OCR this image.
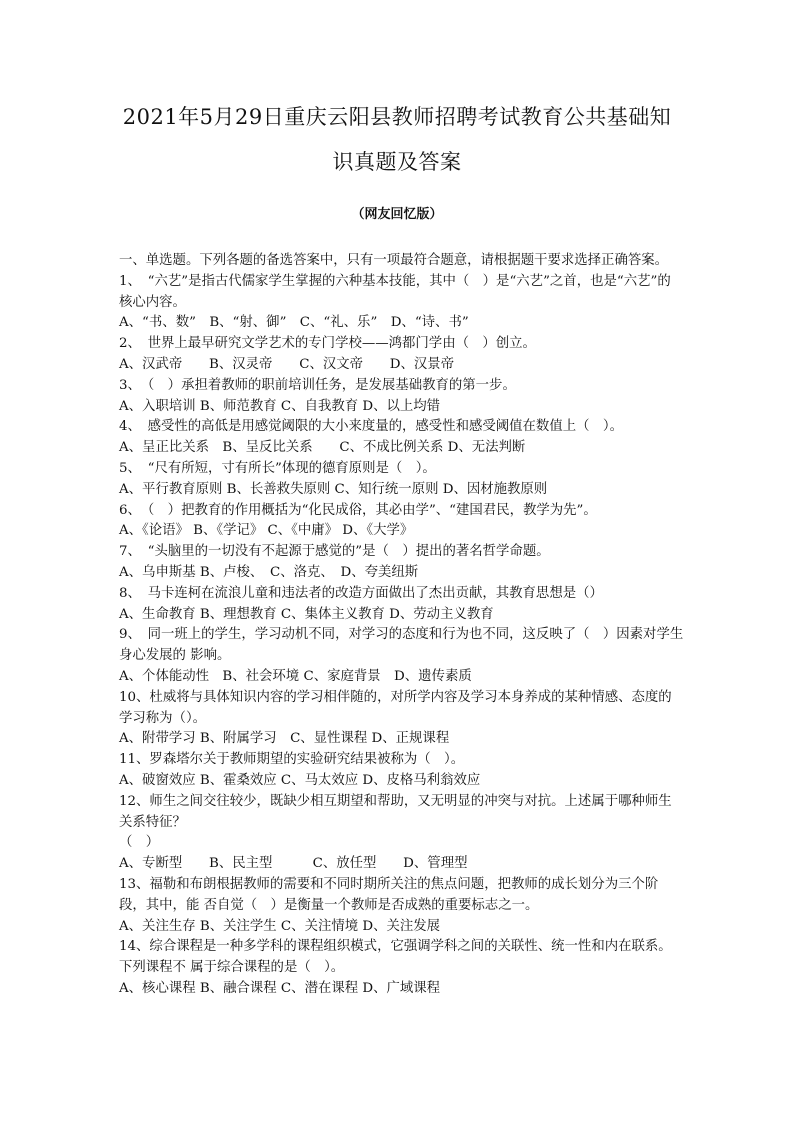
2021年5月29日重庆云阳县教师招聘考试教育公共基础知
识真题及答案
（网友回忆版）

一、单选题。下列各题的备选答案中，只有一项最符合题意，请根据题干要求选择正确答案。

1、　“六艺”是指古代儒家学生掌握的六种基本技能，其中（　）是“六艺”之首，也是“六艺”的核心内容。

A、“书、数”　B、“射、御”　C、“礼、乐”　D、“诗、书”

2、　世界上最早研究文学艺术的专门学校——鸿都门学由（　）创立。

A、汉武帝　　B、汉灵帝　　C、汉文帝　　D、汉景帝

3、　（　）承担着教师的职前培训任务，是发展基础教育的第一步。

A、入职培训 B、师范教育 C、自我教育 D、以上均错

4、　感受性的高低是用感觉阈限的大小来度量的，感受性和感受阈值在数值上（　）。

A、呈正比关系　B、呈反比关系　　C、不成比例关系 D、无法判断

5、　“尺有所短，寸有所长”体现的德育原则是（　）。

A、平行教育原则 B、长善救失原则 C、知行统一原则 D、因材施教原则

6、　（　）把教育的作用概括为“化民成俗，其必由学”、“建国君民，教学为先”。

A、《论语》 B、《学记》 C、《中庸》 D、《大学》

7、　“头脑里的一切没有不起源于感觉的”是（　）提出的著名哲学命题。

A、乌申斯基 B、卢梭、　C、洛克、　D、夸美纽斯

8、　马卡连柯在流浪儿童和违法者的改造方面做出了杰出贡献，其教育思想是（）

A、生命教育 B、理想教育 C、集体主义教育 D、劳动主义教育

9、　同一班上的学生，学习动机不同，对学习的态度和行为也不同，这反映了（　）因素对学生身心发展的 影响。

A、个体能动性　B、社会环境 C、家庭背景　D、遗传素质

10、杜威将与具体知识内容的学习相伴随的，对所学内容及学习本身养成的某种情感、态度的学习称为（）。

A、附带学习 B、附属学习　C、显性课程 D、正规课程

11、罗森塔尔关于教师期望的实验研究结果被称为（　）。

A、破窗效应 B、霍桑效应 C、马太效应 D、皮格马利翁效应

12、师生之间交往较少，既缺少相互期望和帮助，又无明显的冲突与对抗。上述属于哪种师生关系特征？

（　）

A、专断型　　B、民主型　　　C、放任型　　D、管理型

13、福勒和布朗根据教师的需要和不同时期所关注的焦点问题，把教师的成长划分为三个阶段，其中，能 否自觉（　）是衡量一个教师是否成熟的重要标志之一。

A、关注生存 B、关注学生 C、关注情境 D、关注发展

14、综合课程是一种多学科的课程组织模式，它强调学科之间的关联性、统一性和内在联系。下列课程不 属于综合课程的是（　）。

A、核心课程 B、融合课程 C、潜在课程 D、广域课程
